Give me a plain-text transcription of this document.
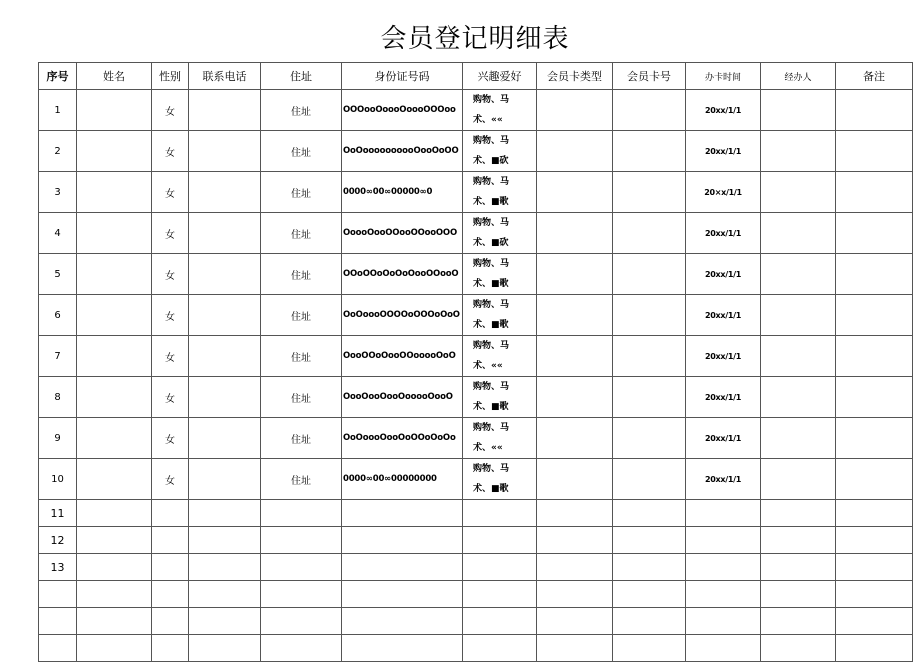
会员登记明细表
序号	姓名	性别	联系电话	住址	身份证号码	兴趣爱好	会员卡类型	会员卡号	办卡时间	经办人	备注
1		女		住址	OOOooOoooOoooOOOoo	购物、马
术、««			20xx/1/1		
2		女		住址	OoOoooooooooOooOoOO	购物、马
术、■砍			20xx/1/1		
3		女		住址	0000∞00∞00000∞0	购物、马
术、■歌			20×x/1/1		
4		女		住址	OoooOooOOooOOooOOO	购物、马
术、■砍			20xx/1/1		
5		女		住址	OOoOOoOoOoOooOOooO	购物、马
术、■歌			20xx/1/1		
6		女		住址	OoOoooOOOOoOOOoOoO	购物、马
术、■歌			20xx/1/1		
7		女		住址	OooOOoOooOOooooOoO	购物、马
术、««			20xx/1/1		
8		女		住址	OooOooOooOooooOooO	购物、马
术、■歌			20xx/1/1		
9		女		住址	OoOoooOooOoOOoOoOo	购物、马
术、««			20xx/1/1		
10		女		住址	0000∞00∞00000000	购物、马
术、■歌			20xx/1/1		
11											
12											
13											
